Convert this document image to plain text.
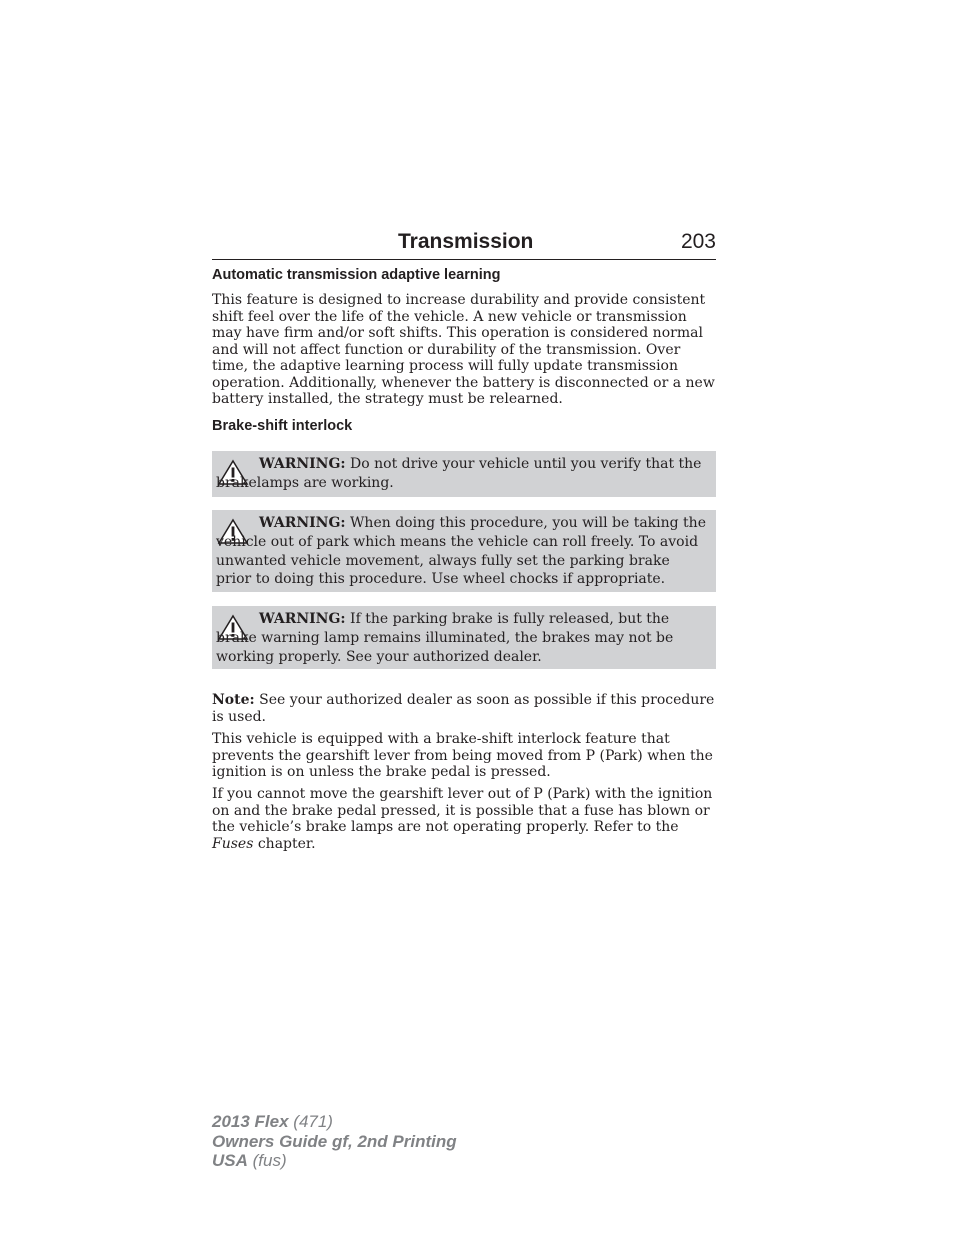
Transmission	203
Automatic transmission adaptive learning

This feature is designed to increase durability and provide consistent shift feel over the life of the vehicle. A new vehicle or transmission may have firm and/or soft shifts. This operation is considered normal and will not affect function or durability of the transmission. Over time, the adaptive learning process will fully update transmission operation. Additionally, whenever the battery is disconnected or a new battery installed, the strategy must be relearned.

Brake-shift interlock

WARNING: Do not drive your vehicle until you verify that the brakelamps are working.

WARNING: When doing this procedure, you will be taking the vehicle out of park which means the vehicle can roll freely. To avoid unwanted vehicle movement, always fully set the parking brake prior to doing this procedure. Use wheel chocks if appropriate.

WARNING: If the parking brake is fully released, but the brake warning lamp remains illuminated, the brakes may not be working properly. See your authorized dealer.

Note: See your authorized dealer as soon as possible if this procedure is used.

This vehicle is equipped with a brake-shift interlock feature that prevents the gearshift lever from being moved from P (Park) when the ignition is on unless the brake pedal is pressed.

If you cannot move the gearshift lever out of P (Park) with the ignition on and the brake pedal pressed, it is possible that a fuse has blown or the vehicle’s brake lamps are not operating properly. Refer to the Fuses chapter.

2013 Flex (471)
Owners Guide gf, 2nd Printing
USA (fus)
